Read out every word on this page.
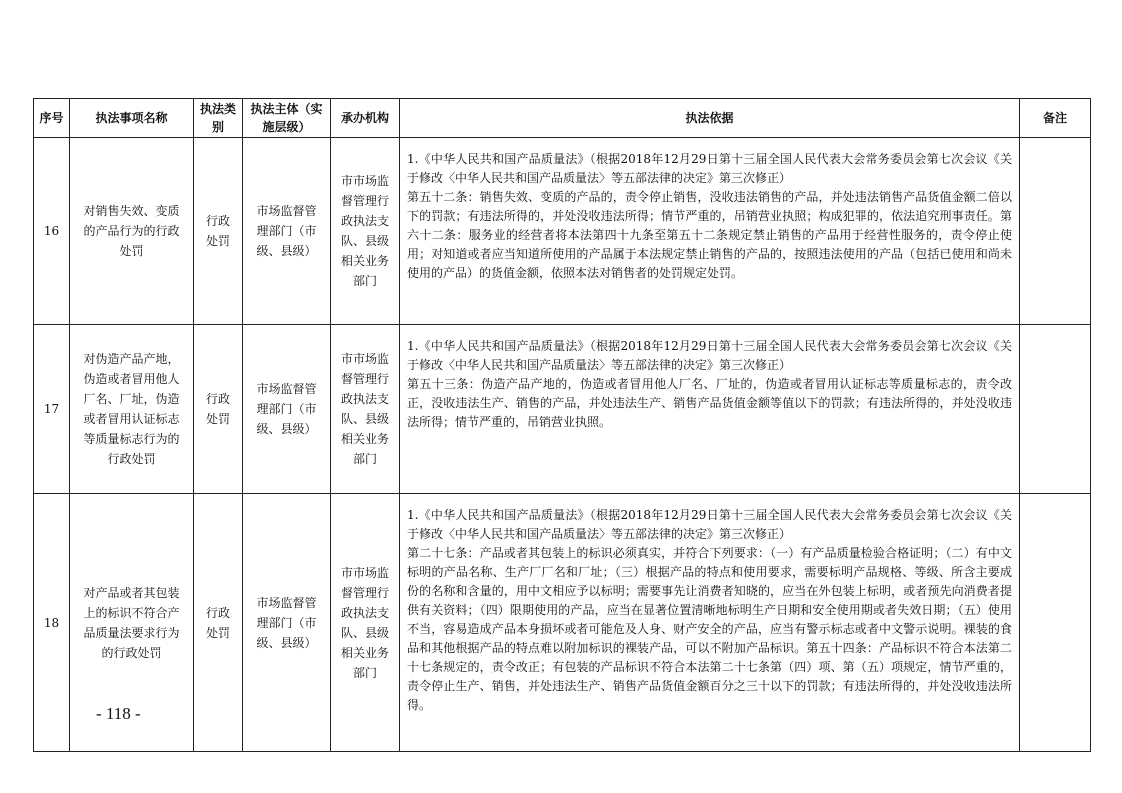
序号	执法事项名称	执法类别	执法主体（实施层级）	承办机构	执法依据	备注
16	对销售失效、变质的产品行为的行政处罚	行政处罚	市场监督管理部门（市级、县级）	市市场监督管理行政执法支队、县级相关业务部门	1.《中华人民共和国产品质量法》（根据2018年12月29日第十三届全国人民代表大会常务委员会第七次会议《关于修改〈中华人民共和国产品质量法〉等五部法律的决定》第三次修正）
第五十二条：销售失效、变质的产品的，责令停止销售，没收违法销售的产品，并处违法销售产品货值金额二倍以下的罚款；有违法所得的，并处没收违法所得；情节严重的，吊销营业执照；构成犯罪的，依法追究刑事责任。第六十二条：服务业的经营者将本法第四十九条至第五十二条规定禁止销售的产品用于经营性服务的，责令停止使用；对知道或者应当知道所使用的产品属于本法规定禁止销售的产品的，按照违法使用的产品（包括已使用和尚未使用的产品）的货值金额，依照本法对销售者的处罚规定处罚。	

17	对伪造产品产地，伪造或者冒用他人厂名、厂址，伪造或者冒用认证标志等质量标志行为的行政处罚	行政处罚	市场监督管理部门（市级、县级）	市市场监督管理行政执法支队、县级相关业务部门	1.《中华人民共和国产品质量法》（根据2018年12月29日第十三届全国人民代表大会常务委员会第七次会议《关于修改〈中华人民共和国产品质量法〉等五部法律的决定》第三次修正）
第五十三条：伪造产品产地的，伪造或者冒用他人厂名、厂址的，伪造或者冒用认证标志等质量标志的，责令改正，没收违法生产、销售的产品，并处违法生产、销售产品货值金额等值以下的罚款；有违法所得的，并处没收违法所得；情节严重的，吊销营业执照。	

18	对产品或者其包装上的标识不符合产品质量法要求行为的行政处罚	行政处罚	市场监督管理部门（市级、县级）	市市场监督管理行政执法支队、县级相关业务部门	1.《中华人民共和国产品质量法》（根据2018年12月29日第十三届全国人民代表大会常务委员会第七次会议《关于修改〈中华人民共和国产品质量法〉等五部法律的决定》第三次修正）
第二十七条：产品或者其包装上的标识必须真实，并符合下列要求：（一）有产品质量检验合格证明；（二）有中文标明的产品名称、生产厂厂名和厂址；（三）根据产品的特点和使用要求，需要标明产品规格、等级、所含主要成份的名称和含量的，用中文相应予以标明；需要事先让消费者知晓的，应当在外包装上标明，或者预先向消费者提供有关资料；（四）限期使用的产品，应当在显著位置清晰地标明生产日期和安全使用期或者失效日期；（五）使用不当，容易造成产品本身损坏或者可能危及人身、财产安全的产品，应当有警示标志或者中文警示说明。裸装的食品和其他根据产品的特点难以附加标识的裸装产品，可以不附加产品标识。第五十四条：产品标识不符合本法第二十七条规定的，责令改正；有包装的产品标识不符合本法第二十七条第（四）项、第（五）项规定，情节严重的，责令停止生产、销售，并处违法生产、销售产品货值金额百分之三十以下的罚款；有违法所得的，并处没收违法所得。	

- 118 -
